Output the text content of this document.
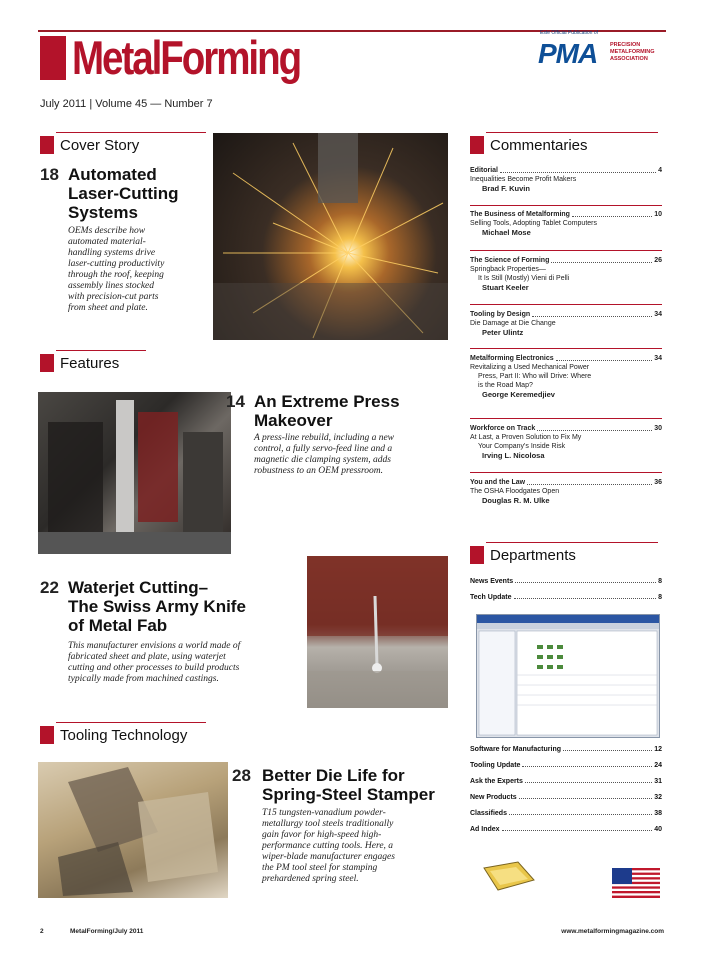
MetalForming
July 2011 | Volume 45 — Number 7
Este Official Publication of
PMA PRECISION METALFORMING ASSOCIATION
Cover Story
18 Automated
Laser-Cutting
Systems
OEMs describe how
automated material-
handling systems drive
laser-cutting productivity
through the roof, keeping
assembly lines stocked
with precision-cut parts
from sheet and plate.
Features
14 An Extreme Press
Makeover
A press-line rebuild, including a new
control, a fully servo-feed line and a
magnetic die clamping system, adds
robustness to an OEM pressroom.
22 Waterjet Cutting–
The Swiss Army Knife
of Metal Fab
This manufacturer envisions a world made of
fabricated sheet and plate, using waterjet
cutting and other processes to build products
typically made from machined castings.
Tooling Technology
28 Better Die Life for
Spring-Steel Stamper
T15 tungsten-vanadium powder-
metallurgy tool steels traditionally
gain favor for high-speed high-
performance cutting tools. Here, a
wiper-blade manufacturer engages
the PM tool steel for stamping
prehardened spring steel.
Commentaries
Editorial	4
Inequalities Become Profit Makers
Brad F. Kuvin
The Business of Metalforming	10
Selling Tools, Adopting Tablet Computers
Michael Mose
The Science of Forming	26
Springback Properties—
It Is Still (Mostly) Vieni di Pelli
Stuart Keeler
Tooling by Design	34
Die Damage at Die Change
Peter Ulintz
Metalforming Electronics	34
Revitalizing a Used Mechanical Power
Press, Part II: Who will Drive: Where
is the Road Map?
George Keremedjiev
Workforce on Track	30
At Last, a Proven Solution to Fix My
Your Company's Inside Risk
Irving L. Nicolosa
You and the Law	36
The OSHA Floodgates Open
Douglas R. M. Ulke
Departments
News Events	8
Tech Update	8
Software for Manufacturing	12
Tooling Update	24
Ask the Experts	31
New Products	32
Classifieds	38
Ad Index	40
2	MetalForming/July 2011	www.metalformingmagazine.com
